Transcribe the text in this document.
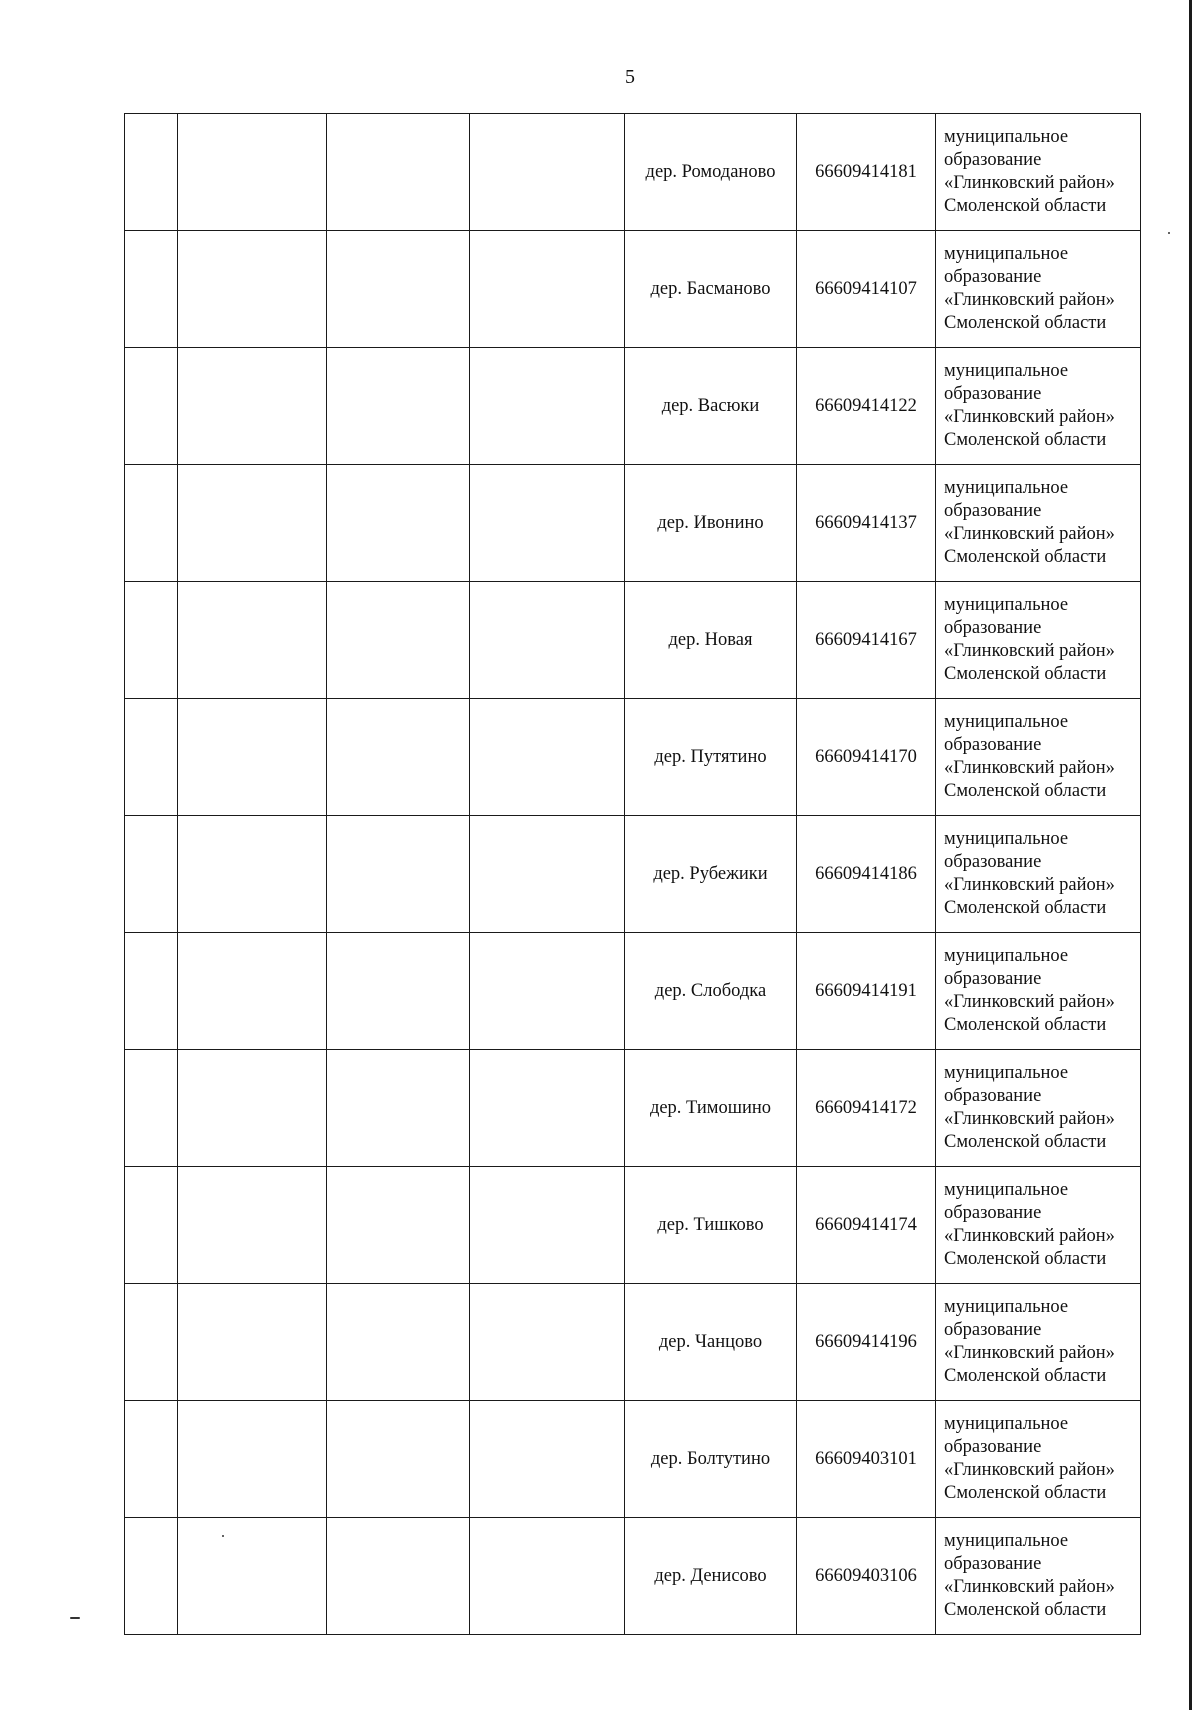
5
				дер. Ромоданово	66609414181	муниципальное образование «Глинковский район» Смоленской области
				дер. Басманово	66609414107	муниципальное образование «Глинковский район» Смоленской области
				дер. Васюки	66609414122	муниципальное образование «Глинковский район» Смоленской области
				дер. Ивонино	66609414137	муниципальное образование «Глинковский район» Смоленской области
				дер. Новая	66609414167	муниципальное образование «Глинковский район» Смоленской области
				дер. Путятино	66609414170	муниципальное образование «Глинковский район» Смоленской области
				дер. Рубежики	66609414186	муниципальное образование «Глинковский район» Смоленской области
				дер. Слободка	66609414191	муниципальное образование «Глинковский район» Смоленской области
				дер. Тимошино	66609414172	муниципальное образование «Глинковский район» Смоленской области
				дер. Тишково	66609414174	муниципальное образование «Глинковский район» Смоленской области
				дер. Чанцово	66609414196	муниципальное образование «Глинковский район» Смоленской области
				дер. Болтутино	66609403101	муниципальное образование «Глинковский район» Смоленской области
				дер. Денисово	66609403106	муниципальное образование «Глинковский район» Смоленской области
